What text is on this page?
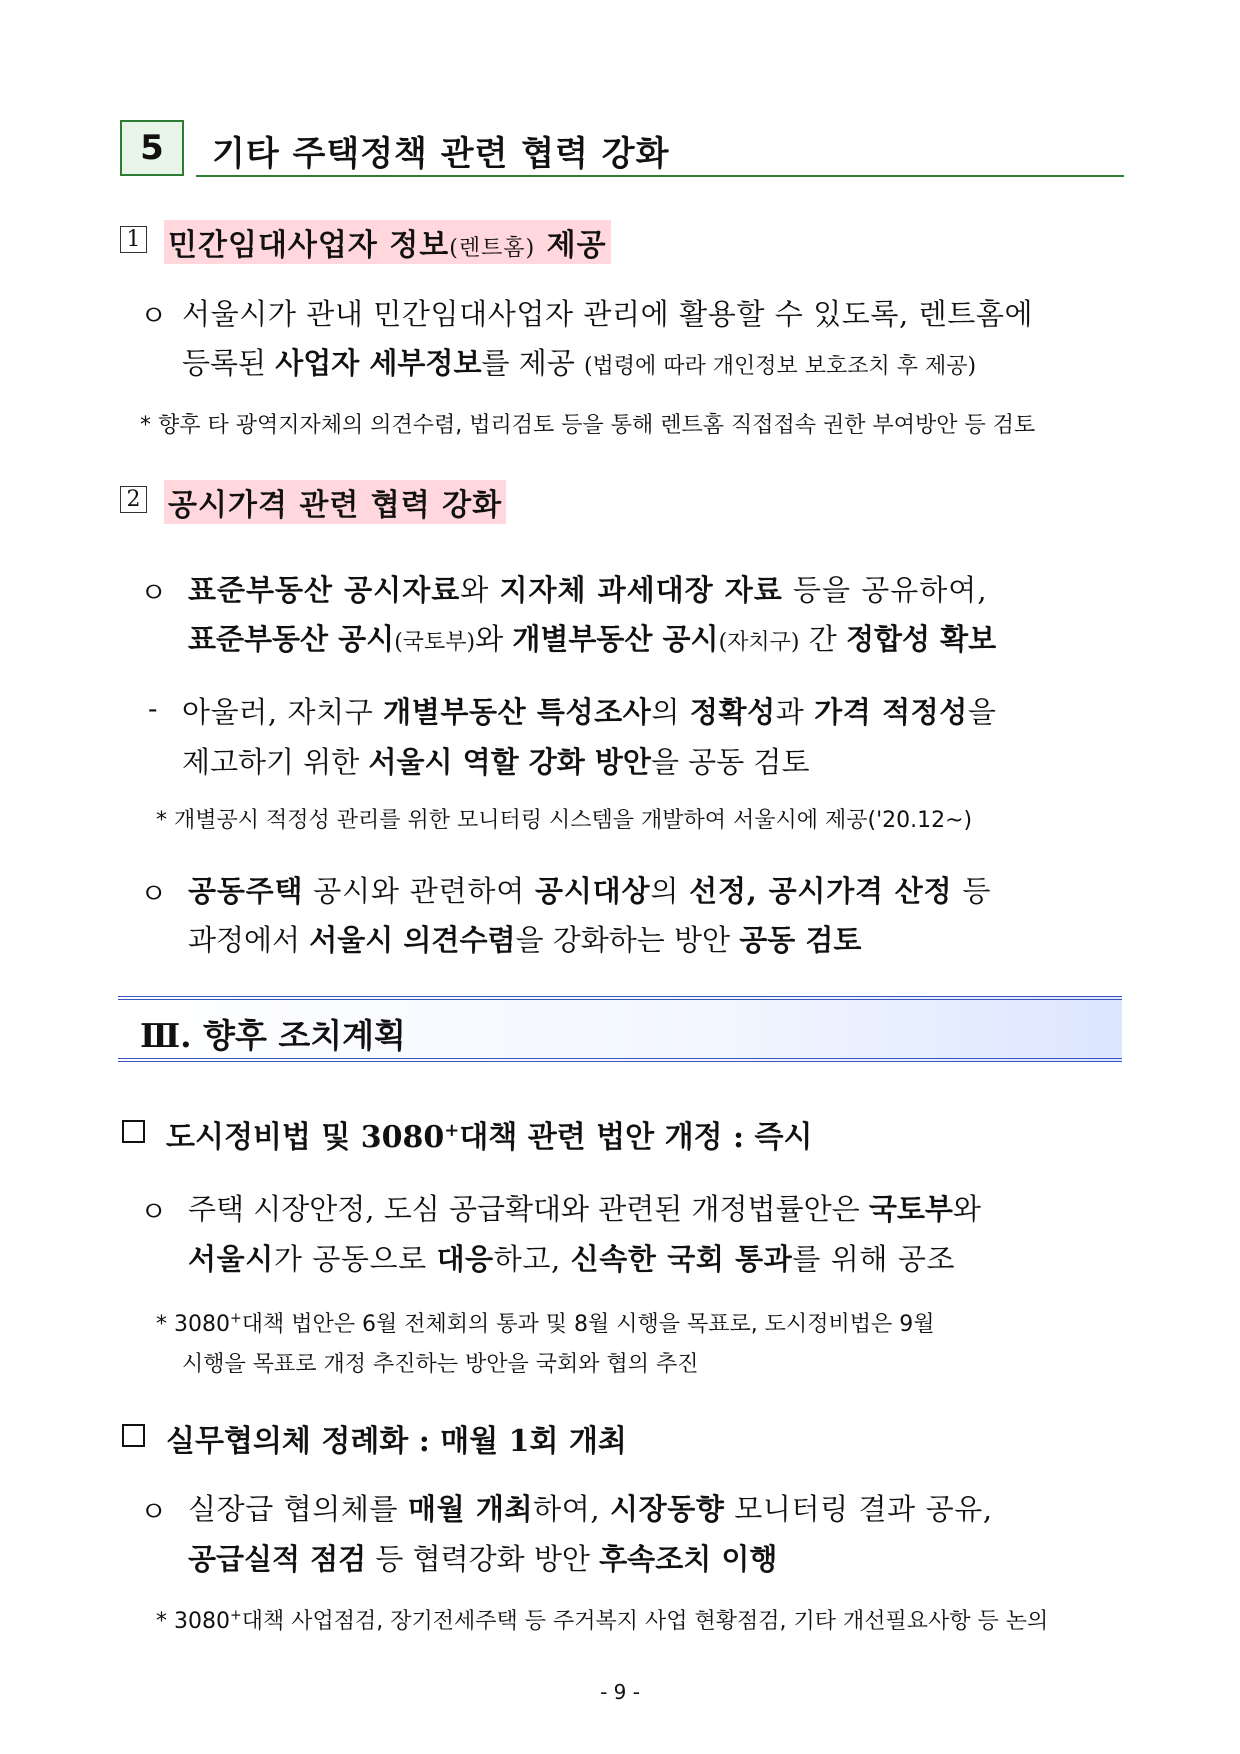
5 기타 주택정책 관련 협력 강화
1 민간임대사업자 정보(렌트홈) 제공
ㅇ 서울시가 관내 민간임대사업자 관리에 활용할 수 있도록, 렌트홈에
등록된 사업자 세부정보를 제공 (법령에 따라 개인정보 보호조치 후 제공)
* 향후 타 광역지자체의 의견수렴, 법리검토 등을 통해 렌트홈 직접접속 권한 부여방안 등 검토
2 공시가격 관련 협력 강화
ㅇ 표준부동산 공시자료와 지자체 과세대장 자료 등을 공유하여,
표준부동산 공시(국토부)와 개별부동산 공시(자치구) 간 정합성 확보
- 아울러, 자치구 개별부동산 특성조사의 정확성과 가격 적정성을
제고하기 위한 서울시 역할 강화 방안을 공동 검토
* 개별공시 적정성 관리를 위한 모니터링 시스템을 개발하여 서울시에 제공('20.12~)
ㅇ 공동주택 공시와 관련하여 공시대상의 선정, 공시가격 산정 등
과정에서 서울시 의견수렴을 강화하는 방안 공동 검토
Ⅲ. 향후 조치계획
도시정비법 및 3080+대책 관련 법안 개정 : 즉시
ㅇ 주택 시장안정, 도심 공급확대와 관련된 개정법률안은 국토부와
서울시가 공동으로 대응하고, 신속한 국회 통과를 위해 공조
* 3080+대책 법안은 6월 전체회의 통과 및 8월 시행을 목표로, 도시정비법은 9월
시행을 목표로 개정 추진하는 방안을 국회와 협의 추진
실무협의체 정례화 : 매월 1회 개최
ㅇ 실장급 협의체를 매월 개최하여, 시장동향 모니터링 결과 공유,
공급실적 점검 등 협력강화 방안 후속조치 이행
* 3080+대책 사업점검, 장기전세주택 등 주거복지 사업 현황점검, 기타 개선필요사항 등 논의
- 9 -
